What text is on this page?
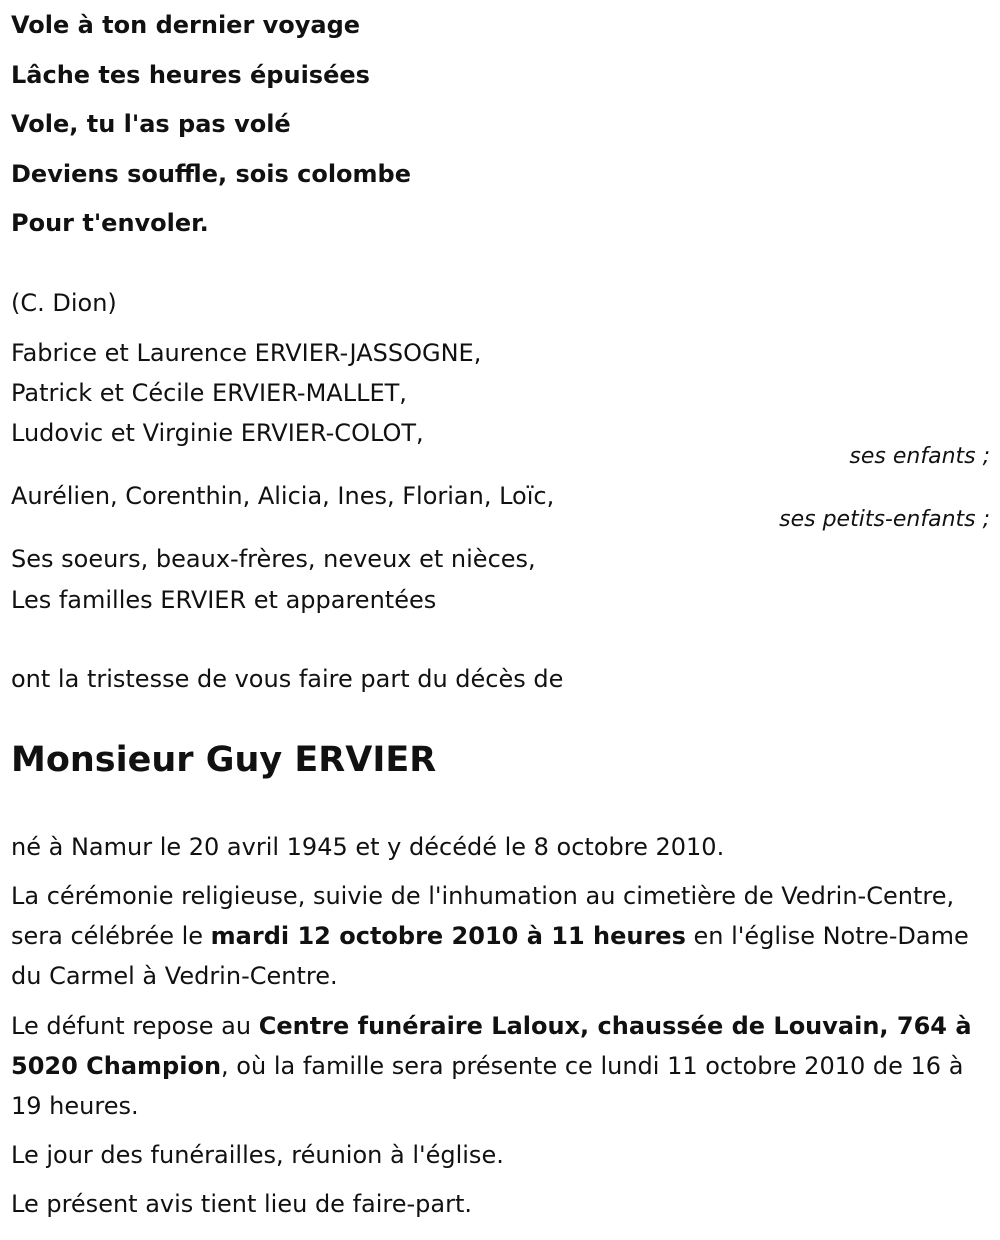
Vole à ton dernier voyage
Lâche tes heures épuisées
Vole, tu l'as pas volé
Deviens souffle, sois colombe
Pour t'envoler.
(C. Dion)
Fabrice et Laurence ERVIER-JASSOGNE,
Patrick et Cécile ERVIER-MALLET,
Ludovic et Virginie ERVIER-COLOT,
ses enfants ;
Aurélien, Corenthin, Alicia, Ines, Florian, Loïc,
ses petits-enfants ;
Ses soeurs, beaux-frères, neveux et nièces,
Les familles ERVIER et apparentées
ont la tristesse de vous faire part du décès de
Monsieur Guy ERVIER
né à Namur le 20 avril 1945 et y décédé le 8 octobre 2010.
La cérémonie religieuse, suivie de l'inhumation au cimetière de Vedrin-Centre, sera célébrée le mardi 12 octobre 2010 à 11 heures en l'église Notre-Dame du Carmel à Vedrin-Centre.
Le défunt repose au Centre funéraire Laloux, chaussée de Louvain, 764 à 5020 Champion, où la famille sera présente ce lundi 11 octobre 2010 de 16 à 19 heures.
Le jour des funérailles, réunion à l'église.
Le présent avis tient lieu de faire-part.
